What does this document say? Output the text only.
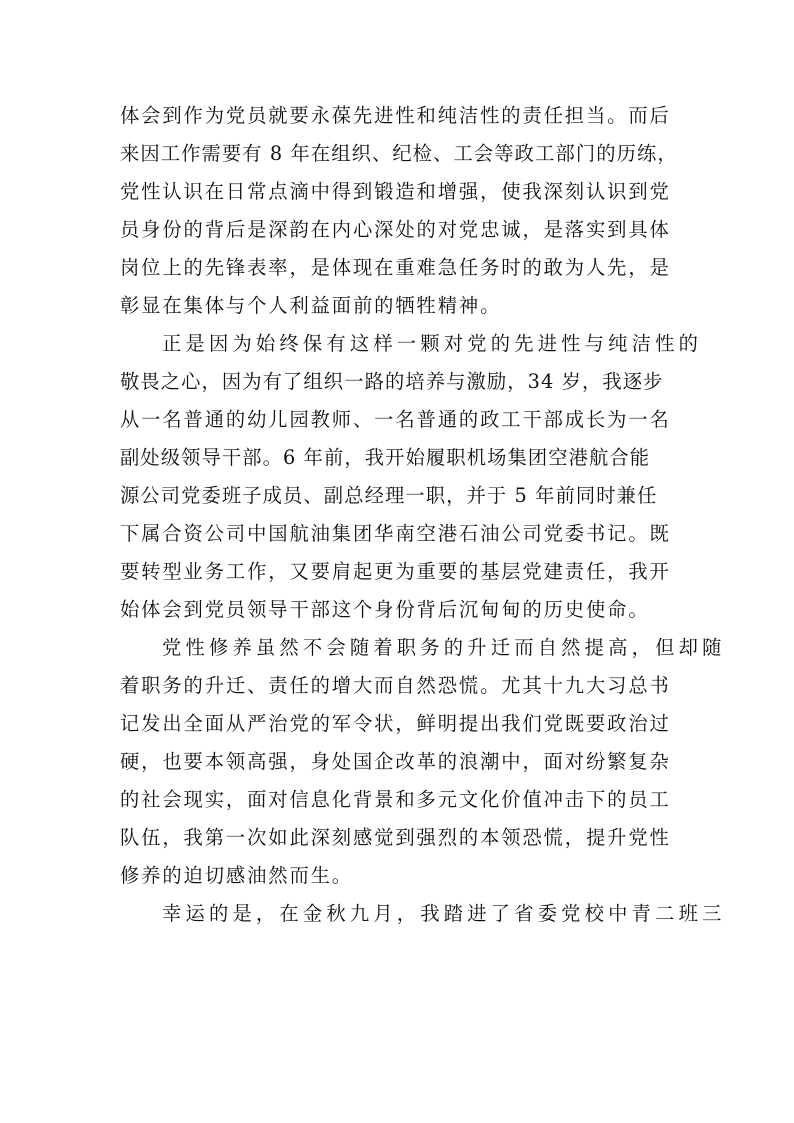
体会到作为党员就要永葆先进性和纯洁性的责任担当。而后
来因工作需要有 8 年在组织、纪检、工会等政工部门的历练，
党性认识在日常点滴中得到锻造和增强，使我深刻认识到党
员身份的背后是深韵在内心深处的对党忠诚，是落实到具体
岗位上的先锋表率，是体现在重难急任务时的敢为人先，是
彰显在集体与个人利益面前的牺牲精神。

正是因为始终保有这样一颗对党的先进性与纯洁性的
敬畏之心，因为有了组织一路的培养与激励，34 岁，我逐步
从一名普通的幼儿园教师、一名普通的政工干部成长为一名
副处级领导干部。6 年前，我开始履职机场集团空港航合能
源公司党委班子成员、副总经理一职，并于 5 年前同时兼任
下属合资公司中国航油集团华南空港石油公司党委书记。既
要转型业务工作，又要肩起更为重要的基层党建责任，我开
始体会到党员领导干部这个身份背后沉甸甸的历史使命。

党性修养虽然不会随着职务的升迁而自然提高，但却随
着职务的升迁、责任的增大而自然恐慌。尤其十九大习总书
记发出全面从严治党的军令状，鲜明提出我们党既要政治过
硬，也要本领高强，身处国企改革的浪潮中，面对纷繁复杂
的社会现实，面对信息化背景和多元文化价值冲击下的员工
队伍，我第一次如此深刻感觉到强烈的本领恐慌，提升党性
修养的迫切感油然而生。

幸运的是，在金秋九月，我踏进了省委党校中青二班三
